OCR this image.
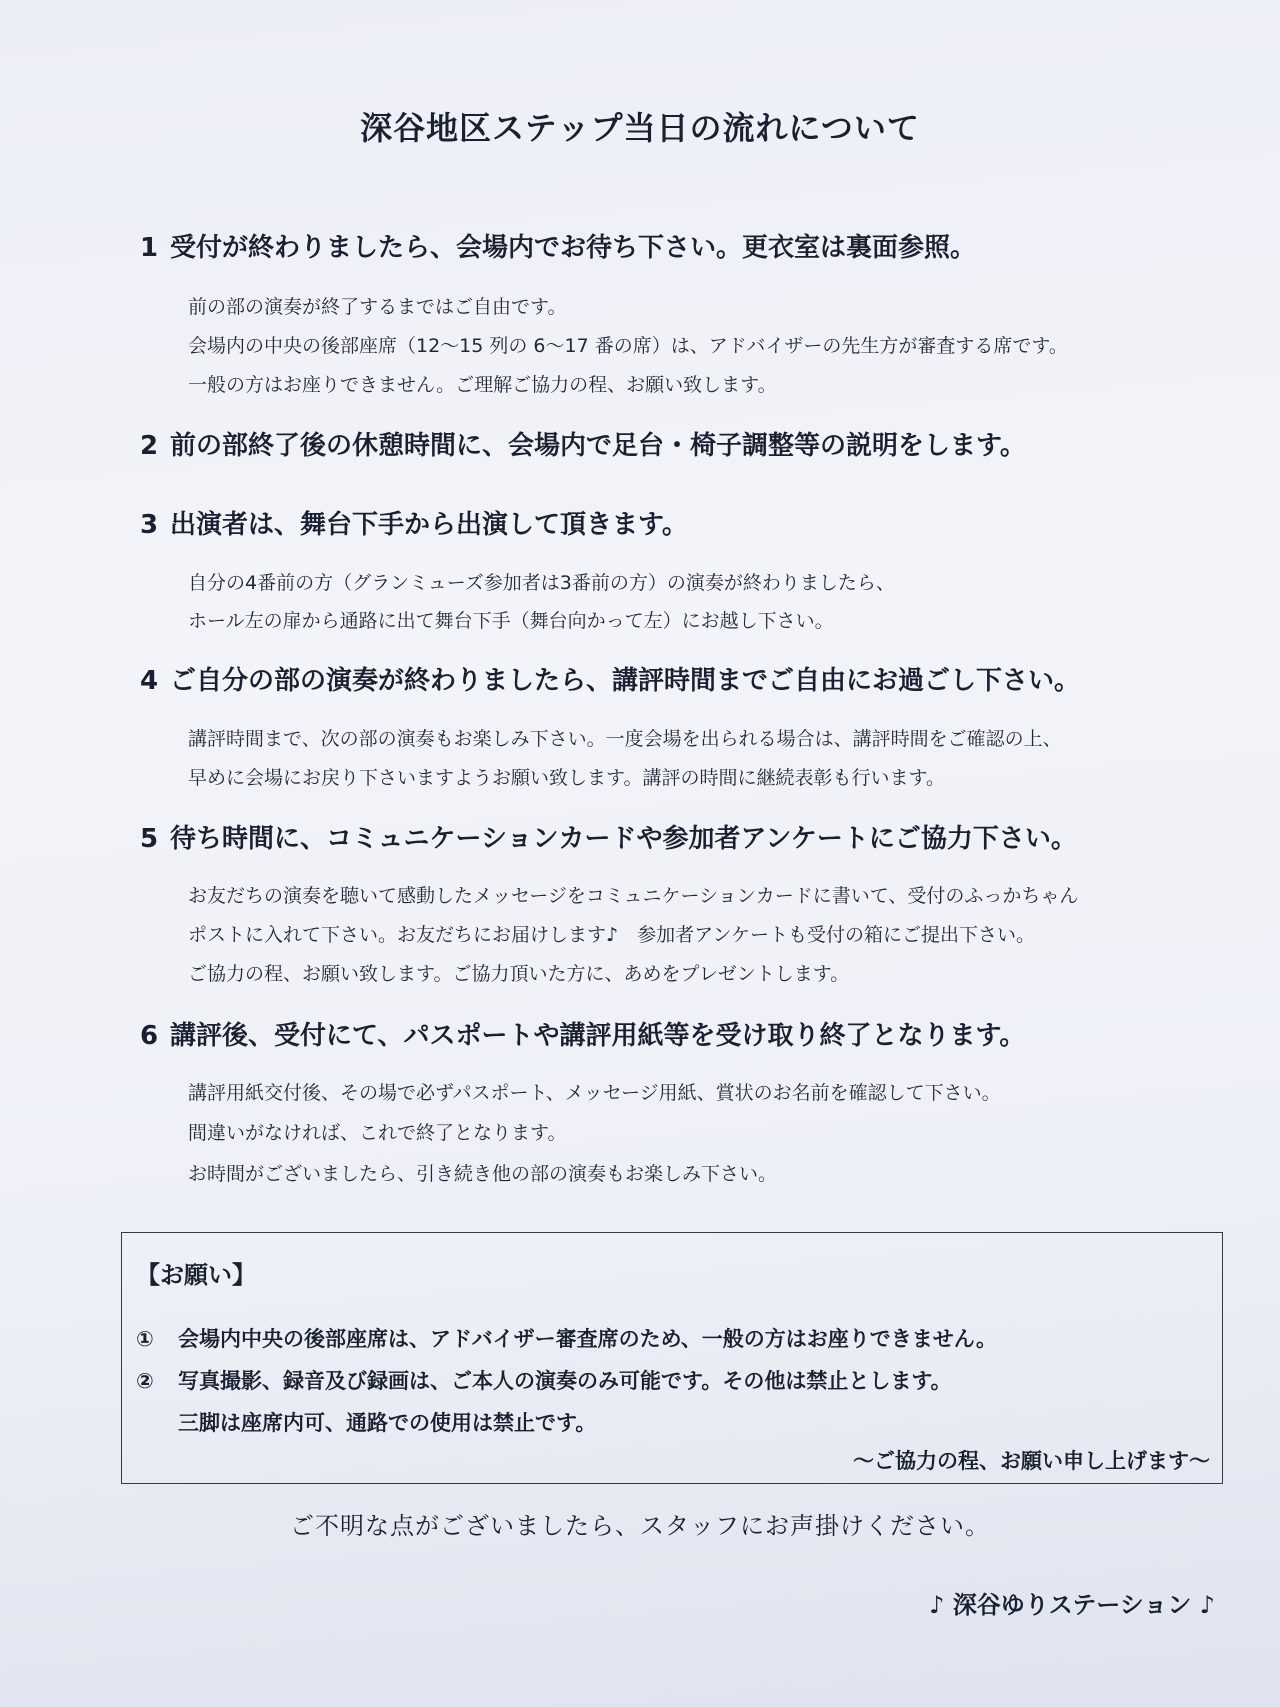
深谷地区ステップ当日の流れについて
1 受付が終わりましたら、会場内でお待ち下さい。更衣室は裏面参照。
前の部の演奏が終了するまではご自由です。
会場内の中央の後部座席（12～15 列の 6～17 番の席）は、アドバイザーの先生方が審査する席です。
一般の方はお座りできません。ご理解ご協力の程、お願い致します。
2 前の部終了後の休憩時間に、会場内で足台・椅子調整等の説明をします。
3 出演者は、舞台下手から出演して頂きます。
自分の4番前の方（グランミューズ参加者は3番前の方）の演奏が終わりましたら、
ホール左の扉から通路に出て舞台下手（舞台向かって左）にお越し下さい。
4 ご自分の部の演奏が終わりましたら、講評時間までご自由にお過ごし下さい。
講評時間まで、次の部の演奏もお楽しみ下さい。一度会場を出られる場合は、講評時間をご確認の上、
早めに会場にお戻り下さいますようお願い致します。講評の時間に継続表彰も行います。
5 待ち時間に、コミュニケーションカードや参加者アンケートにご協力下さい。
お友だちの演奏を聴いて感動したメッセージをコミュニケーションカードに書いて、受付のふっかちゃん
ポストに入れて下さい。お友だちにお届けします♪　参加者アンケートも受付の箱にご提出下さい。
ご協力の程、お願い致します。ご協力頂いた方に、あめをプレゼントします。
6 講評後、受付にて、パスポートや講評用紙等を受け取り終了となります。
講評用紙交付後、その場で必ずパスポート、メッセージ用紙、賞状のお名前を確認して下さい。
間違いがなければ、これで終了となります。
お時間がございましたら、引き続き他の部の演奏もお楽しみ下さい。
【お願い】
① 会場内中央の後部座席は、アドバイザー審査席のため、一般の方はお座りできません。
② 写真撮影、録音及び録画は、ご本人の演奏のみ可能です。その他は禁止とします。
三脚は座席内可、通路での使用は禁止です。
～ご協力の程、お願い申し上げます～
ご不明な点がございましたら、スタッフにお声掛けください。
♪ 深谷ゆりステーション ♪
